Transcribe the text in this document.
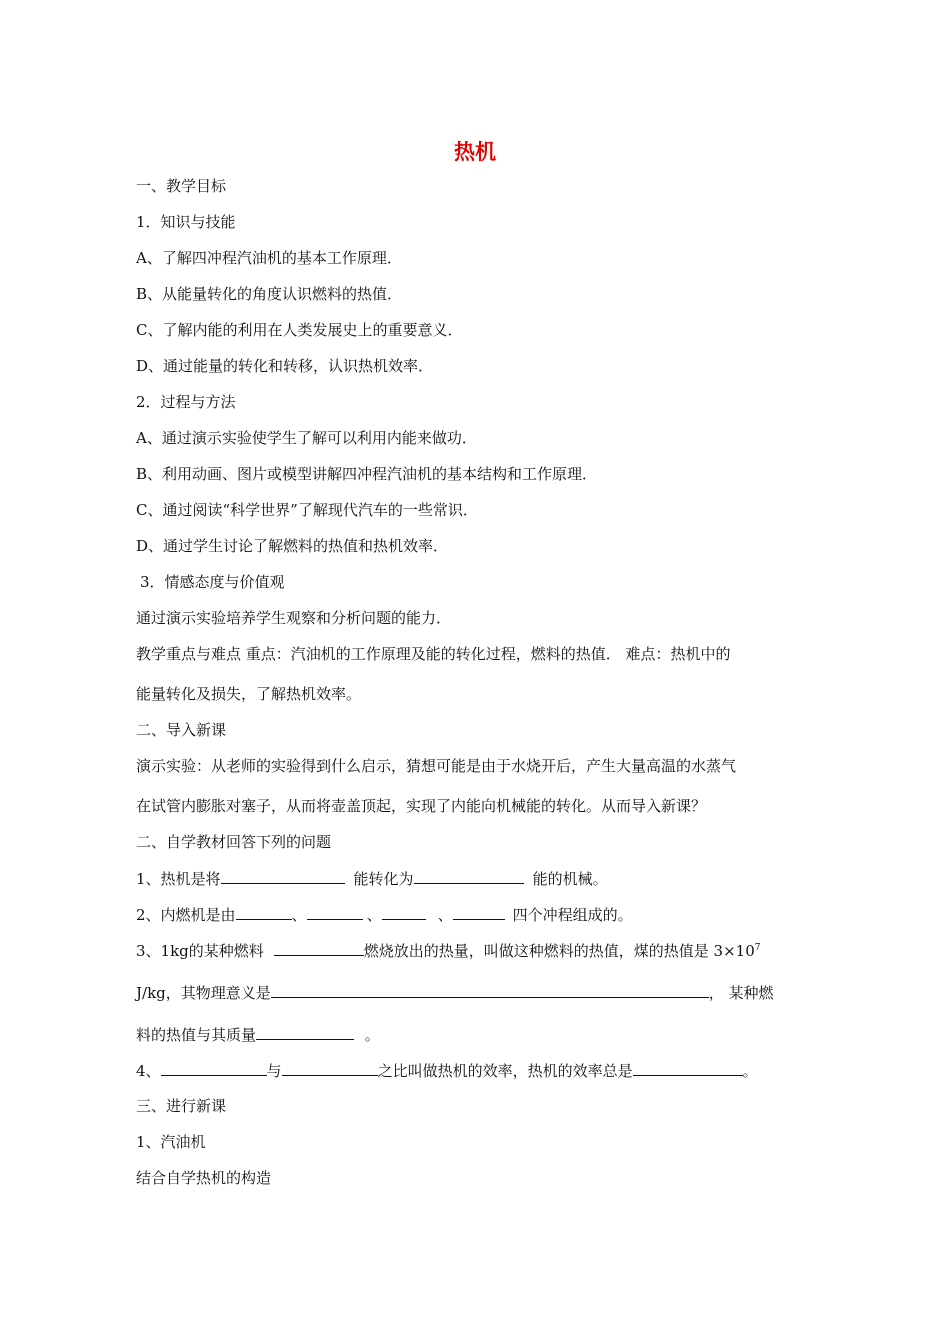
热机
一、教学目标
1．知识与技能
A、了解四冲程汽油机的基本工作原理．
B、从能量转化的角度认识燃料的热值．
C、了解内能的利用在人类发展史上的重要意义．
D、通过能量的转化和转移，认识热机效率．
2．过程与方法
A、通过演示实验使学生了解可以利用内能来做功．
B、利用动画、图片或模型讲解四冲程汽油机的基本结构和工作原理．
C、通过阅读“科学世界”了解现代汽车的一些常识．
D、通过学生讨论了解燃料的热值和热机效率．
3．情感态度与价值观
通过演示实验培养学生观察和分析问题的能力．
教学重点与难点 重点：汽油机的工作原理及能的转化过程，燃料的热值． 难点：热机中的
能量转化及损失，了解热机效率。
二、导入新课
演示实验：从老师的实验得到什么启示，猜想可能是由于水烧开后，产生大量高温的水蒸气
在试管内膨胀对塞子，从而将壶盖顶起，实现了内能向机械能的转化。从而导入新课？
二、自学教材回答下列的问题
1、热机是将	能转化为	能的机械。
2、内燃机是由	、	、	、	四个冲程组成的。
3、1kg的某种燃料	燃烧放出的热量，叫做这种燃料的热值，煤的热值是 $3\times 10^7$
J/kg，其物理意义是	， 某种燃
料的热值与其质量	。
4、	与	之比叫做热机的效率，热机的效率总是	。
三、进行新课
1、汽油机
结合自学热机的构造
